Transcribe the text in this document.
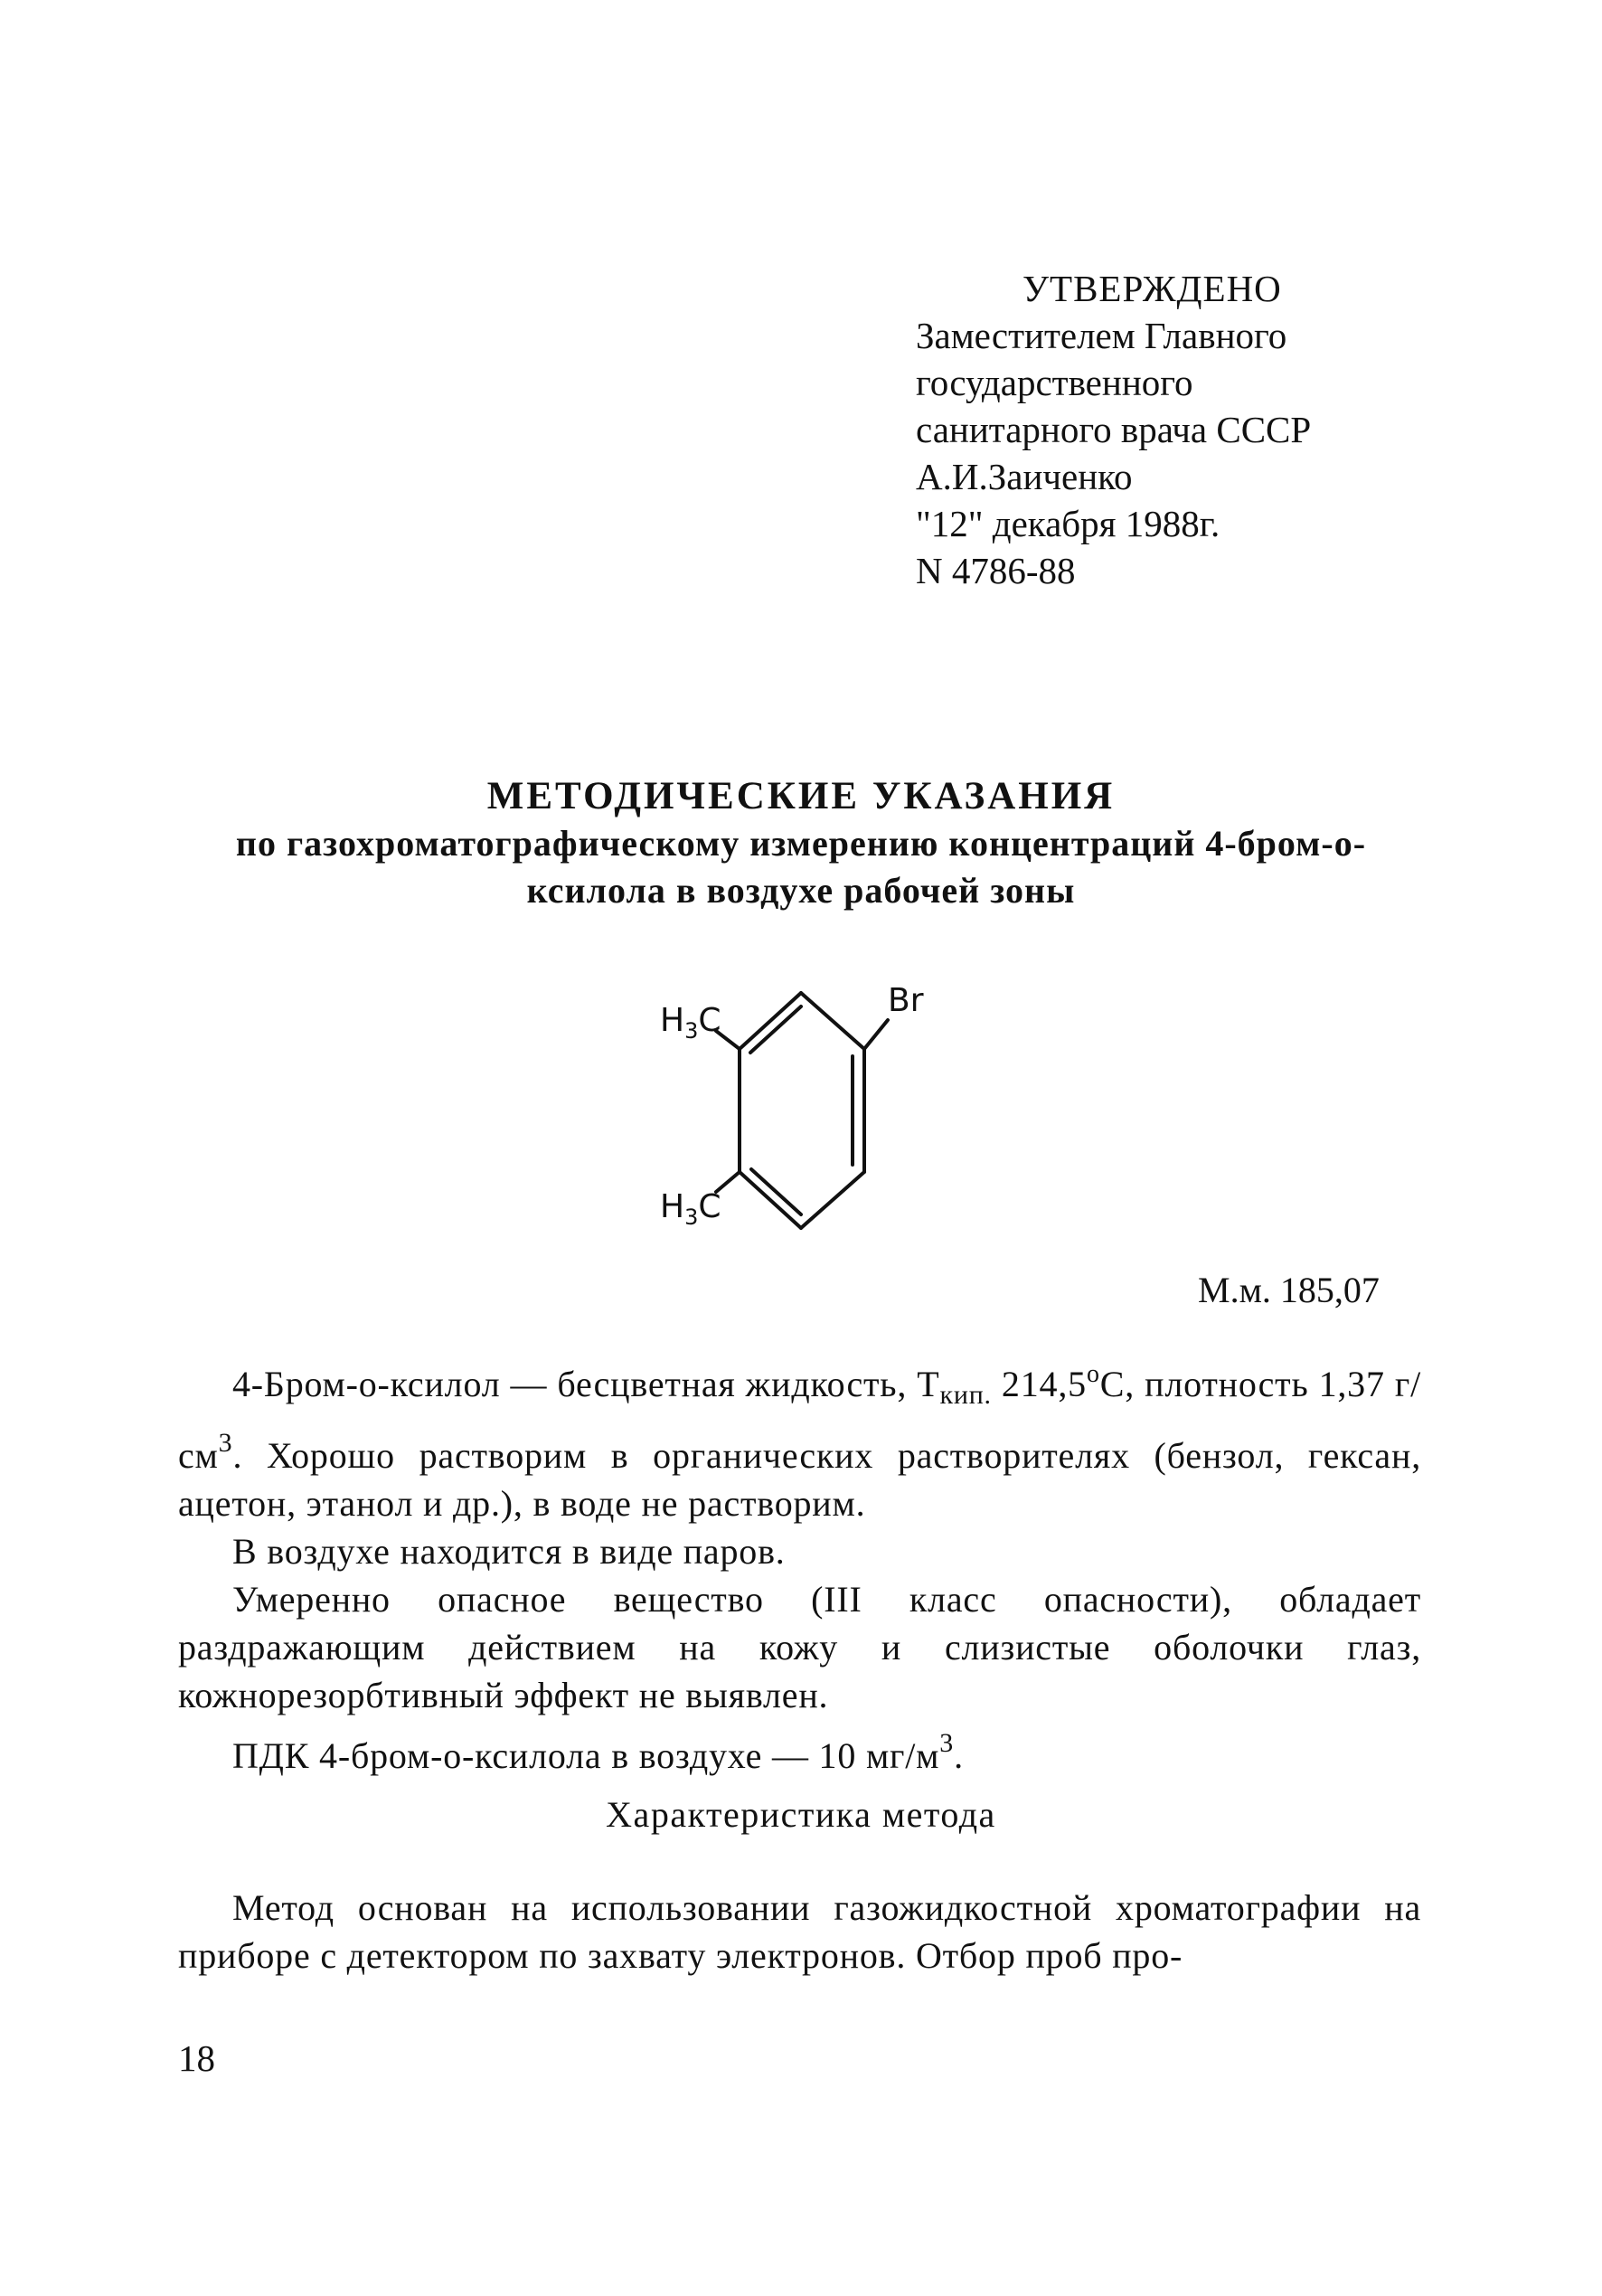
УТВЕРЖДЕНО
Заместителем Главного
государственного
санитарного врача СССР
А.И.Заиченко
"12" декабря 1988г.
N 4786-88
МЕТОДИЧЕСКИЕ УКАЗАНИЯ
по газохроматографическому измерению концентраций 4-бром-о-
ксилола в воздухе рабочей зоны
$H_3C$
$H_3C$
Br
М.м. 185,07

4-Бром-о-ксилол — бесцветная жидкость, $Т_{кип.}$ 214,5$^o$С, плотность 1,37 $г/см^3$. Хорошо растворим в органических растворителях (бензол, гексан, ацетон, этанол и др.), в воде не растворим.

В воздухе находится в виде паров.

Умеренно опасное вещество (III класс опасности), обладает раздражающим действием на кожу и слизистые оболочки глаз, кожнорезорбтивный эффект не выявлен.

ПДК 4-бром-о-ксилола в воздухе — 10 $мг/м^3$.

Характеристика метода

Метод основан на использовании газожидкостной хроматографии на приборе с детектором по захвату электронов. Отбор проб про-

18
